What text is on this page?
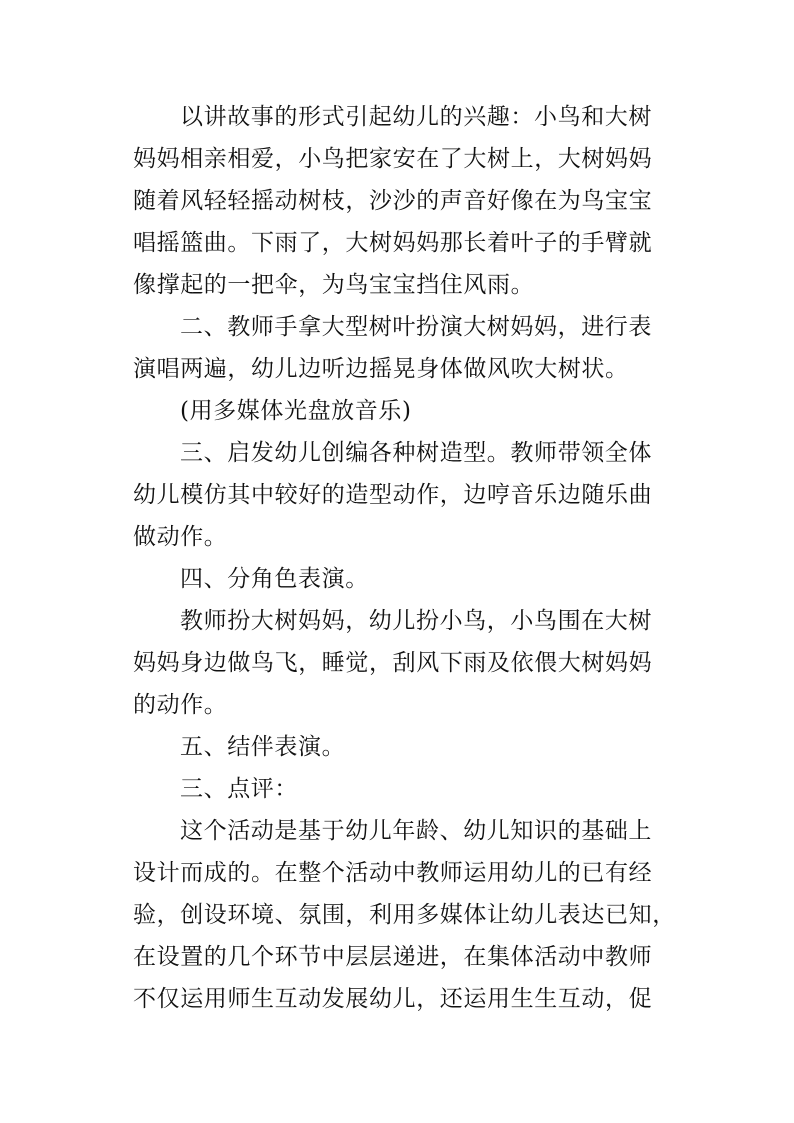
以讲故事的形式引起幼儿的兴趣：小鸟和大树
妈妈相亲相爱，小鸟把家安在了大树上，大树妈妈
随着风轻轻摇动树枝，沙沙的声音好像在为鸟宝宝
唱摇篮曲。下雨了，大树妈妈那长着叶子的手臂就
像撑起的一把伞，为鸟宝宝挡住风雨。
二、教师手拿大型树叶扮演大树妈妈，进行表
演唱两遍，幼儿边听边摇晃身体做风吹大树状。
(用多媒体光盘放音乐)
三、启发幼儿创编各种树造型。教师带领全体
幼儿模仿其中较好的造型动作，边哼音乐边随乐曲
做动作。
四、分角色表演。
教师扮大树妈妈，幼儿扮小鸟，小鸟围在大树
妈妈身边做鸟飞，睡觉，刮风下雨及依偎大树妈妈
的动作。
五、结伴表演。
三、点评：
这个活动是基于幼儿年龄、幼儿知识的基础上
设计而成的。在整个活动中教师运用幼儿的已有经
验，创设环境、氛围，利用多媒体让幼儿表达已知，
在设置的几个环节中层层递进，在集体活动中教师
不仅运用师生互动发展幼儿，还运用生生互动，促
